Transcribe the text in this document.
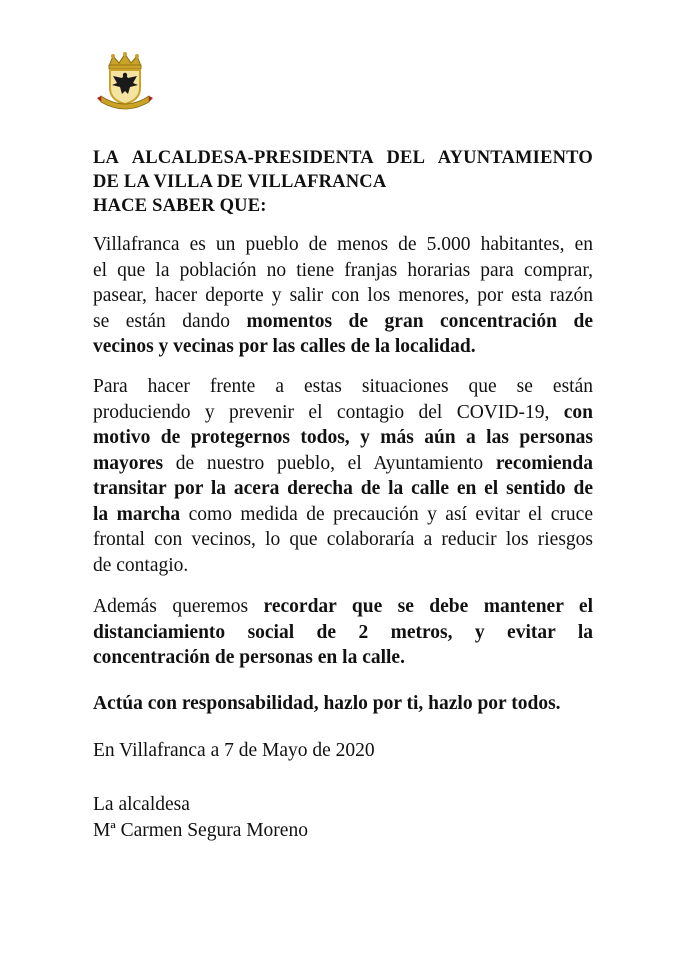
LA ALCALDESA-PRESIDENTA DEL AYUNTAMIENTO
DE LA VILLA DE VILLAFRANCA
HACE SABER QUE:
Villafranca es un pueblo de menos de 5.000 habitantes, en
el que la población no tiene franjas horarias para comprar,
pasear, hacer deporte y salir con los menores, por esta razón
se están dando momentos de gran concentración de
vecinos y vecinas por las calles de la localidad.
Para hacer frente a estas situaciones que se están
produciendo y prevenir el contagio del COVID-19, con
motivo de protegernos todos, y más aún a las personas
mayores de nuestro pueblo, el Ayuntamiento recomienda
transitar por la acera derecha de la calle en el sentido de
la marcha como medida de precaución y así evitar el cruce
frontal con vecinos, lo que colaboraría a reducir los riesgos
de contagio.
Además queremos recordar que se debe mantener el
distanciamiento social de 2 metros, y evitar la
concentración de personas en la calle.
Actúa con responsabilidad, hazlo por ti, hazlo por todos.
En Villafranca a 7 de Mayo de 2020
La alcaldesa
Mª Carmen Segura Moreno
